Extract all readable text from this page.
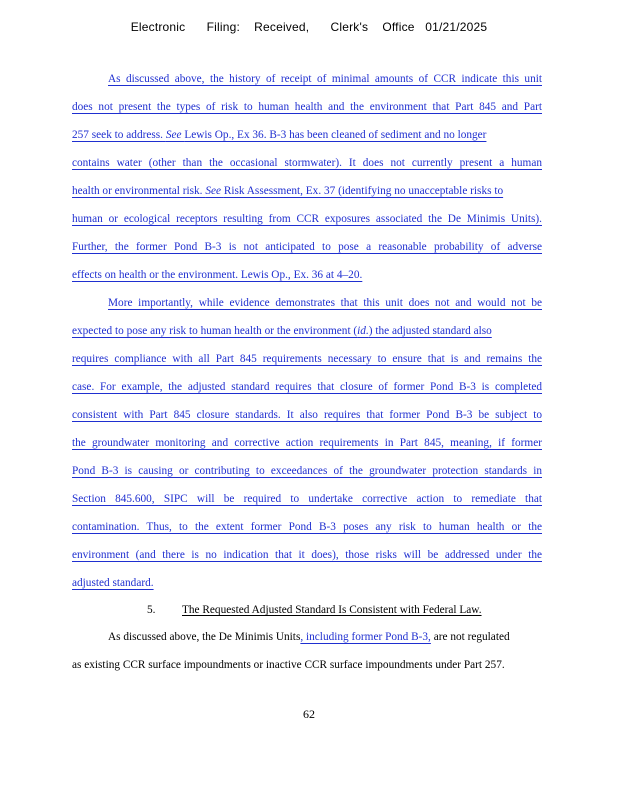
Electronic      Filing:    Received,      Clerk's    Office   01/21/2025
As discussed above, the history of receipt of minimal amounts of CCR indicate this unit
does not present the types of risk to human health and the environment that Part 845 and Part
257 seek to address. See Lewis Op., Ex 36. B-3 has been cleaned of sediment and no longer
contains water (other than the occasional stormwater). It does not currently present a human
health or environmental risk. See Risk Assessment, Ex. 37 (identifying no unacceptable risks to
human or ecological receptors resulting from CCR exposures associated the De Minimis Units).
Further, the former Pond B-3 is not anticipated to pose a reasonable probability of adverse
effects on health or the environment. Lewis Op., Ex. 36 at 4–20.
More importantly, while evidence demonstrates that this unit does not and would not be
expected to pose any risk to human health or the environment (id.) the adjusted standard also
requires compliance with all Part 845 requirements necessary to ensure that is and remains the
case. For example, the adjusted standard requires that closure of former Pond B-3 is completed
consistent with Part 845 closure standards. It also requires that former Pond B-3 be subject to
the groundwater monitoring and corrective action requirements in Part 845, meaning, if former
Pond B-3 is causing or contributing to exceedances of the groundwater protection standards in
Section 845.600, SIPC will be required to undertake corrective action to remediate that
contamination. Thus, to the extent former Pond B-3 poses any risk to human health or the
environment (and there is no indication that it does), those risks will be addressed under the
adjusted standard.
5. The Requested Adjusted Standard Is Consistent with Federal Law.
As discussed above, the De Minimis Units, including former Pond B-3, are not regulated
as existing CCR surface impoundments or inactive CCR surface impoundments under Part 257.
62
